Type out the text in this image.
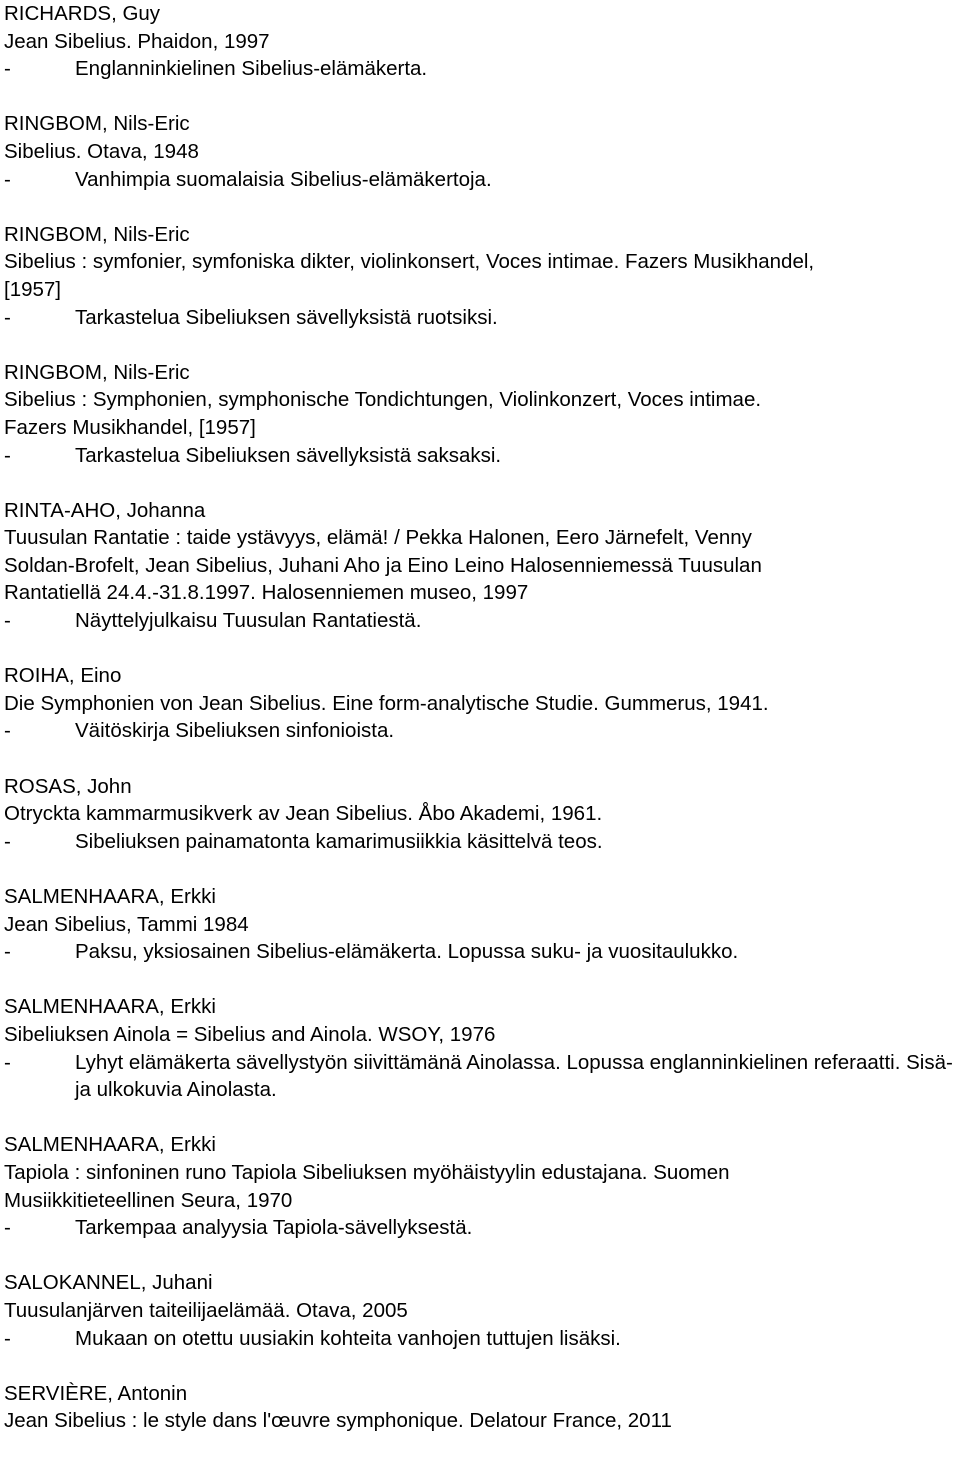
RICHARDS, Guy
Jean Sibelius. Phaidon, 1997
-	Englanninkielinen Sibelius-elämäkerta.
RINGBOM, Nils-Eric
Sibelius. Otava, 1948
-	Vanhimpia suomalaisia Sibelius-elämäkertoja.
RINGBOM, Nils-Eric
Sibelius : symfonier, symfoniska dikter, violinkonsert, Voces intimae. Fazers Musikhandel,
[1957]
-	Tarkastelua Sibeliuksen sävellyksistä ruotsiksi.
RINGBOM, Nils-Eric
Sibelius : Symphonien, symphonische Tondichtungen, Violinkonzert, Voces intimae.
Fazers Musikhandel, [1957]
-	Tarkastelua Sibeliuksen sävellyksistä saksaksi.
RINTA-AHO, Johanna
Tuusulan Rantatie : taide ystävyys, elämä! / Pekka Halonen, Eero Järnefelt, Venny
Soldan-Brofelt, Jean Sibelius, Juhani Aho ja Eino Leino Halosenniemessä Tuusulan
Rantatiellä 24.4.-31.8.1997. Halosenniemen museo, 1997
-	Näyttelyjulkaisu Tuusulan Rantatiestä.
ROIHA, Eino
Die Symphonien von Jean Sibelius. Eine form-analytische Studie. Gummerus, 1941.
-	Väitöskirja Sibeliuksen sinfonioista.
ROSAS, John
Otryckta kammarmusikverk av Jean Sibelius. Åbo Akademi, 1961.
-	Sibeliuksen painamatonta kamarimusiikkia käsittelvä teos.
SALMENHAARA, Erkki
Jean Sibelius, Tammi 1984
-	Paksu, yksiosainen Sibelius-elämäkerta. Lopussa suku- ja vuositaulukko.
SALMENHAARA, Erkki
Sibeliuksen Ainola = Sibelius and Ainola. WSOY, 1976
-	Lyhyt elämäkerta sävellystyön siivittämänä Ainolassa. Lopussa englanninkielinen referaatti. Sisä- ja ulkokuvia Ainolasta.
SALMENHAARA, Erkki
Tapiola : sinfoninen runo Tapiola Sibeliuksen myöhäistyylin edustajana. Suomen
Musiikkitieteellinen Seura, 1970
-	Tarkempaa analyysia Tapiola-sävellyksestä.
SALOKANNEL, Juhani
Tuusulanjärven taiteilijaelämää. Otava, 2005
-	Mukaan on otettu uusiakin kohteita vanhojen tuttujen lisäksi.
SERVIÈRE, Antonin
Jean Sibelius : le style dans l'œuvre symphonique. Delatour France, 2011
